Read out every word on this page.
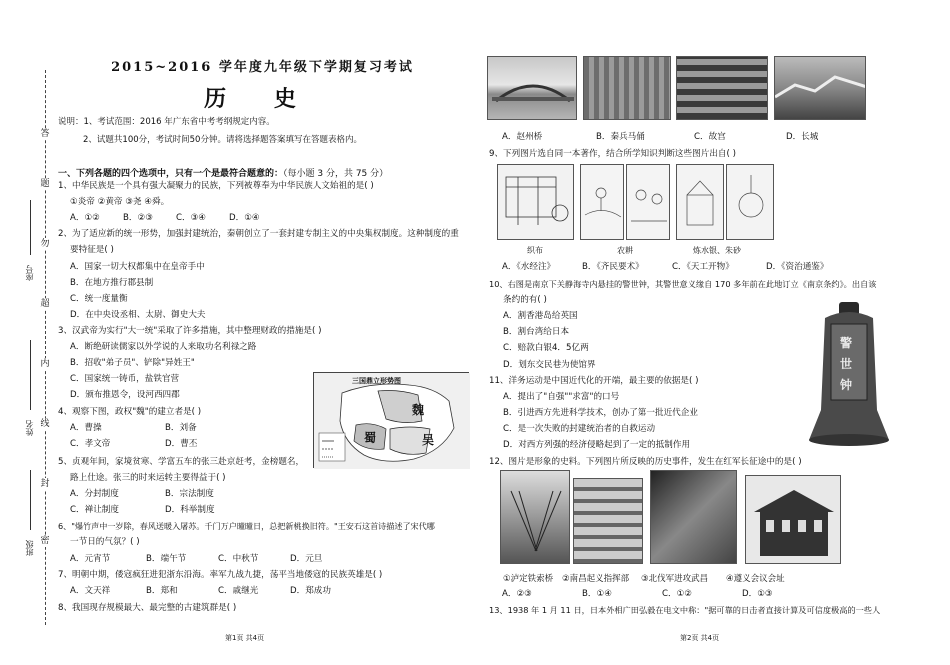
答
题
勿
超
内
线
封
密
座号
姓名
班级
2015~2016 学年度九年级下学期复习考试
历 史
说明：1、考试范围：2016 年广东省中考考纲规定内容。
2、试题共100分，考试时间50分钟。请将选择题答案填写在答题表格内。
一、下列各题的四个选项中，只有一个是最符合题意的：（每小题 3 分，共 75 分）
1、中华民族是一个具有强大凝聚力的民族，下列被尊奉为中华民族人文始祖的是( )
①炎帝 ②黄帝 ③尧 ④舜。
A．①②	B．②③	C．③④	D．①④
2、为了适应新的统一形势，加强封建统治，秦朝创立了一套封建专制主义的中央集权制度。这种制度的重
要特征是( )
A．国家一切大权都集中在皇帝手中
B．在地方推行郡县制
C．统一度量衡
D．在中央设丞相、太尉、御史大夫
3、汉武帝为实行"大一统"采取了许多措施，其中整理财政的措施是( )
A．断绝研读儒家以外学说的人来取功名利禄之路
B．招收"弟子员"、铲除"异姓王"
C．国家统一铸币，盐铁官营
D．颁布推恩令，设河西四郡
4、观察下图，政权"魏"的建立者是( )
A．曹操	B．刘备
C．孝文帝	D．曹丕
5、贞观年间，家境贫寒、学富五车的张三赴京赶考，金榜题名，
路上仕途。张三的时来运转主要得益于( )
A．分封制度	B．宗法制度
C．禅让制度	D．科举制度
6、"爆竹声中一岁除，春风送暖入屠苏。千门万户曈曈日，总把新桃换旧符。"王安石这首诗描述了宋代哪
一节日的气氛？( )
A．元宵节	B．端午节	C．中秋节	D．元旦
7、明朝中期，倭寇疯狂进犯浙东沿海。率军九战九捷，荡平当地倭寇的民族英雄是( )
A．文天祥	B．郑和	C．戚继光	D．郑成功
8、我国现存规模最大、最完整的古建筑群是( )
三国鼎立形势图
魏
蜀	吴
第1页 共4页
A．赵州桥	B．秦兵马俑	C．故宫	D．长城
9、下列图片选自同一本著作，结合所学知识判断这些图片出自( )
织布	农耕	炼水银、朱砂
A．《水经注》	B．《齐民要术》	C．《天工开物》	D．《资治通鉴》
10、右图是南京下关静海寺内悬挂的警世钟，其警世意义缘自 170 多年前在此地订立《南京条约》。出自该
条约的有( )
A．割香港岛给英国
B．割台湾给日本
C．赔款白银4．5亿两
D．划东交民巷为使馆界
警
世
钟
11、洋务运动是中国近代化的开端，最主要的依据是( )
A．提出了"自强""求富"的口号
B．引进西方先进科学技术，创办了第一批近代企业
C．是一次失败的封建统治者的自救运动
D．对西方列强的经济侵略起到了一定的抵制作用
12、图片是形象的史料。下列图片所反映的历史事件，发生在红军长征途中的是( )
①泸定铁索桥 ②南昌起义指挥部 ③北伐军进攻武昌 ④遵义会议会址
A．②③	B．①④	C．①②	D．①③
13、1938 年 1 月 11 日，日本外相广田弘毅在电文中称："据可靠的日击者直接计算及可信度极高的一些人
第2页 共4页
